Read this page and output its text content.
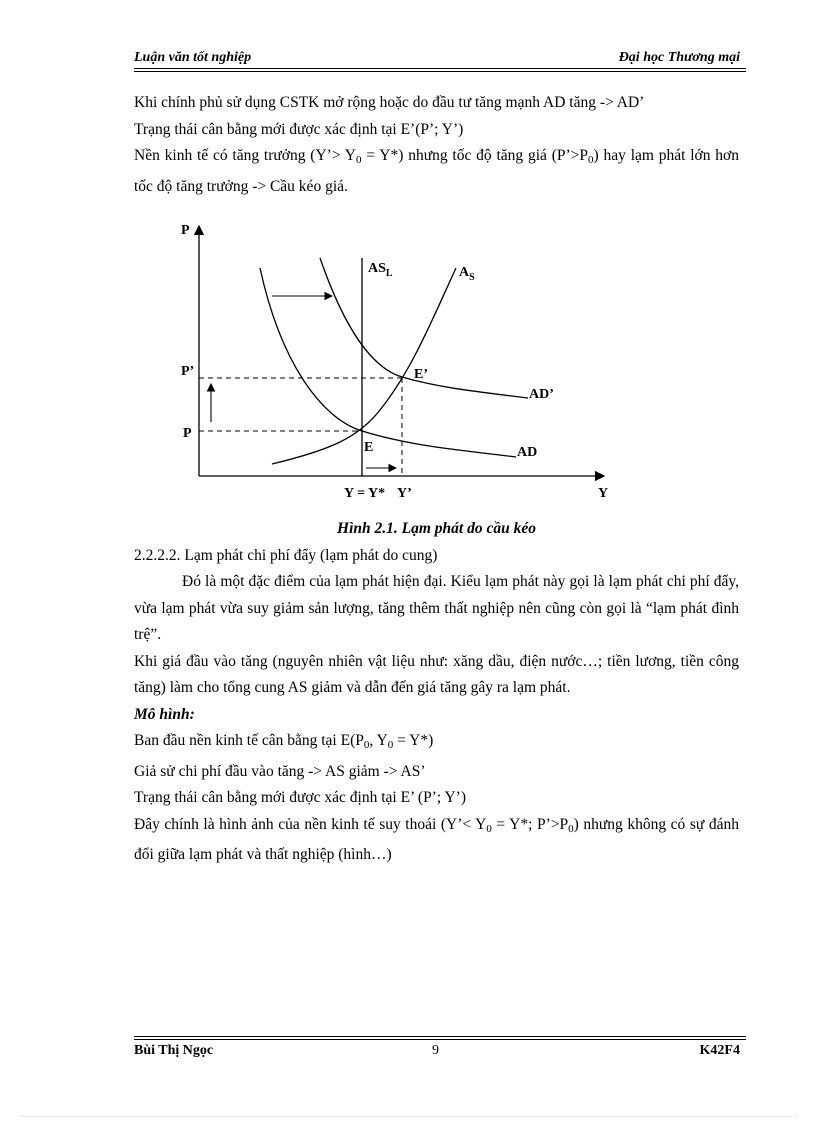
Luận văn tốt nghiệp	Đại học Thương mại

Khi chính phủ sử dụng CSTK mở rộng hoặc do đầu tư tăng mạnh AD tăng -> AD’

Trạng thái cân bằng mới được xác định tại E’(P’; Y’)

Nền kinh tế có tăng trưởng (Y’> $Y_0 = Y*$) nhưng tốc độ tăng giá $(P’>P_0)$ hay lạm phát lớn hơn tốc độ tăng trưởng -> Cầu kéo giá.

P
Y
$AS_L$	$A_S$
AD
AD’
P’
P
E’
E
Y = Y* Y’

Hình 2.1. Lạm phát do cầu kéo

2.2.2.2. Lạm phát chi phí đẩy (lạm phát do cung)

Đó là một đặc điểm của lạm phát hiện đại. Kiểu lạm phát này gọi là lạm phát chi phí đẩy, vừa lạm phát vừa suy giảm sản lượng, tăng thêm thất nghiệp nên cũng còn gọi là “lạm phát đình trệ”.

Khi giá đầu vào tăng (nguyên nhiên vật liệu như: xăng dầu, điện nước…; tiền lương, tiền công tăng) làm cho tổng cung AS giảm và dẫn đến giá tăng gây ra lạm phát.

Mô hình:

Ban đầu nền kinh tế cân bằng tại $E(P_0$, $Y_0 = Y*$)

Giả sử chi phí đầu vào tăng -> AS giảm -> AS’

Trạng thái cân bằng mới được xác định tại E’ (P’; Y’)

Đây chính là hình ảnh của nền kinh tế suy thoái (Y’< $Y_0 = Y*$; $P’>P_0$) nhưng không có sự đánh đổi giữa lạm phát và thất nghiệp (hình…)

Bùi Thị Ngọc	9	K42F4
